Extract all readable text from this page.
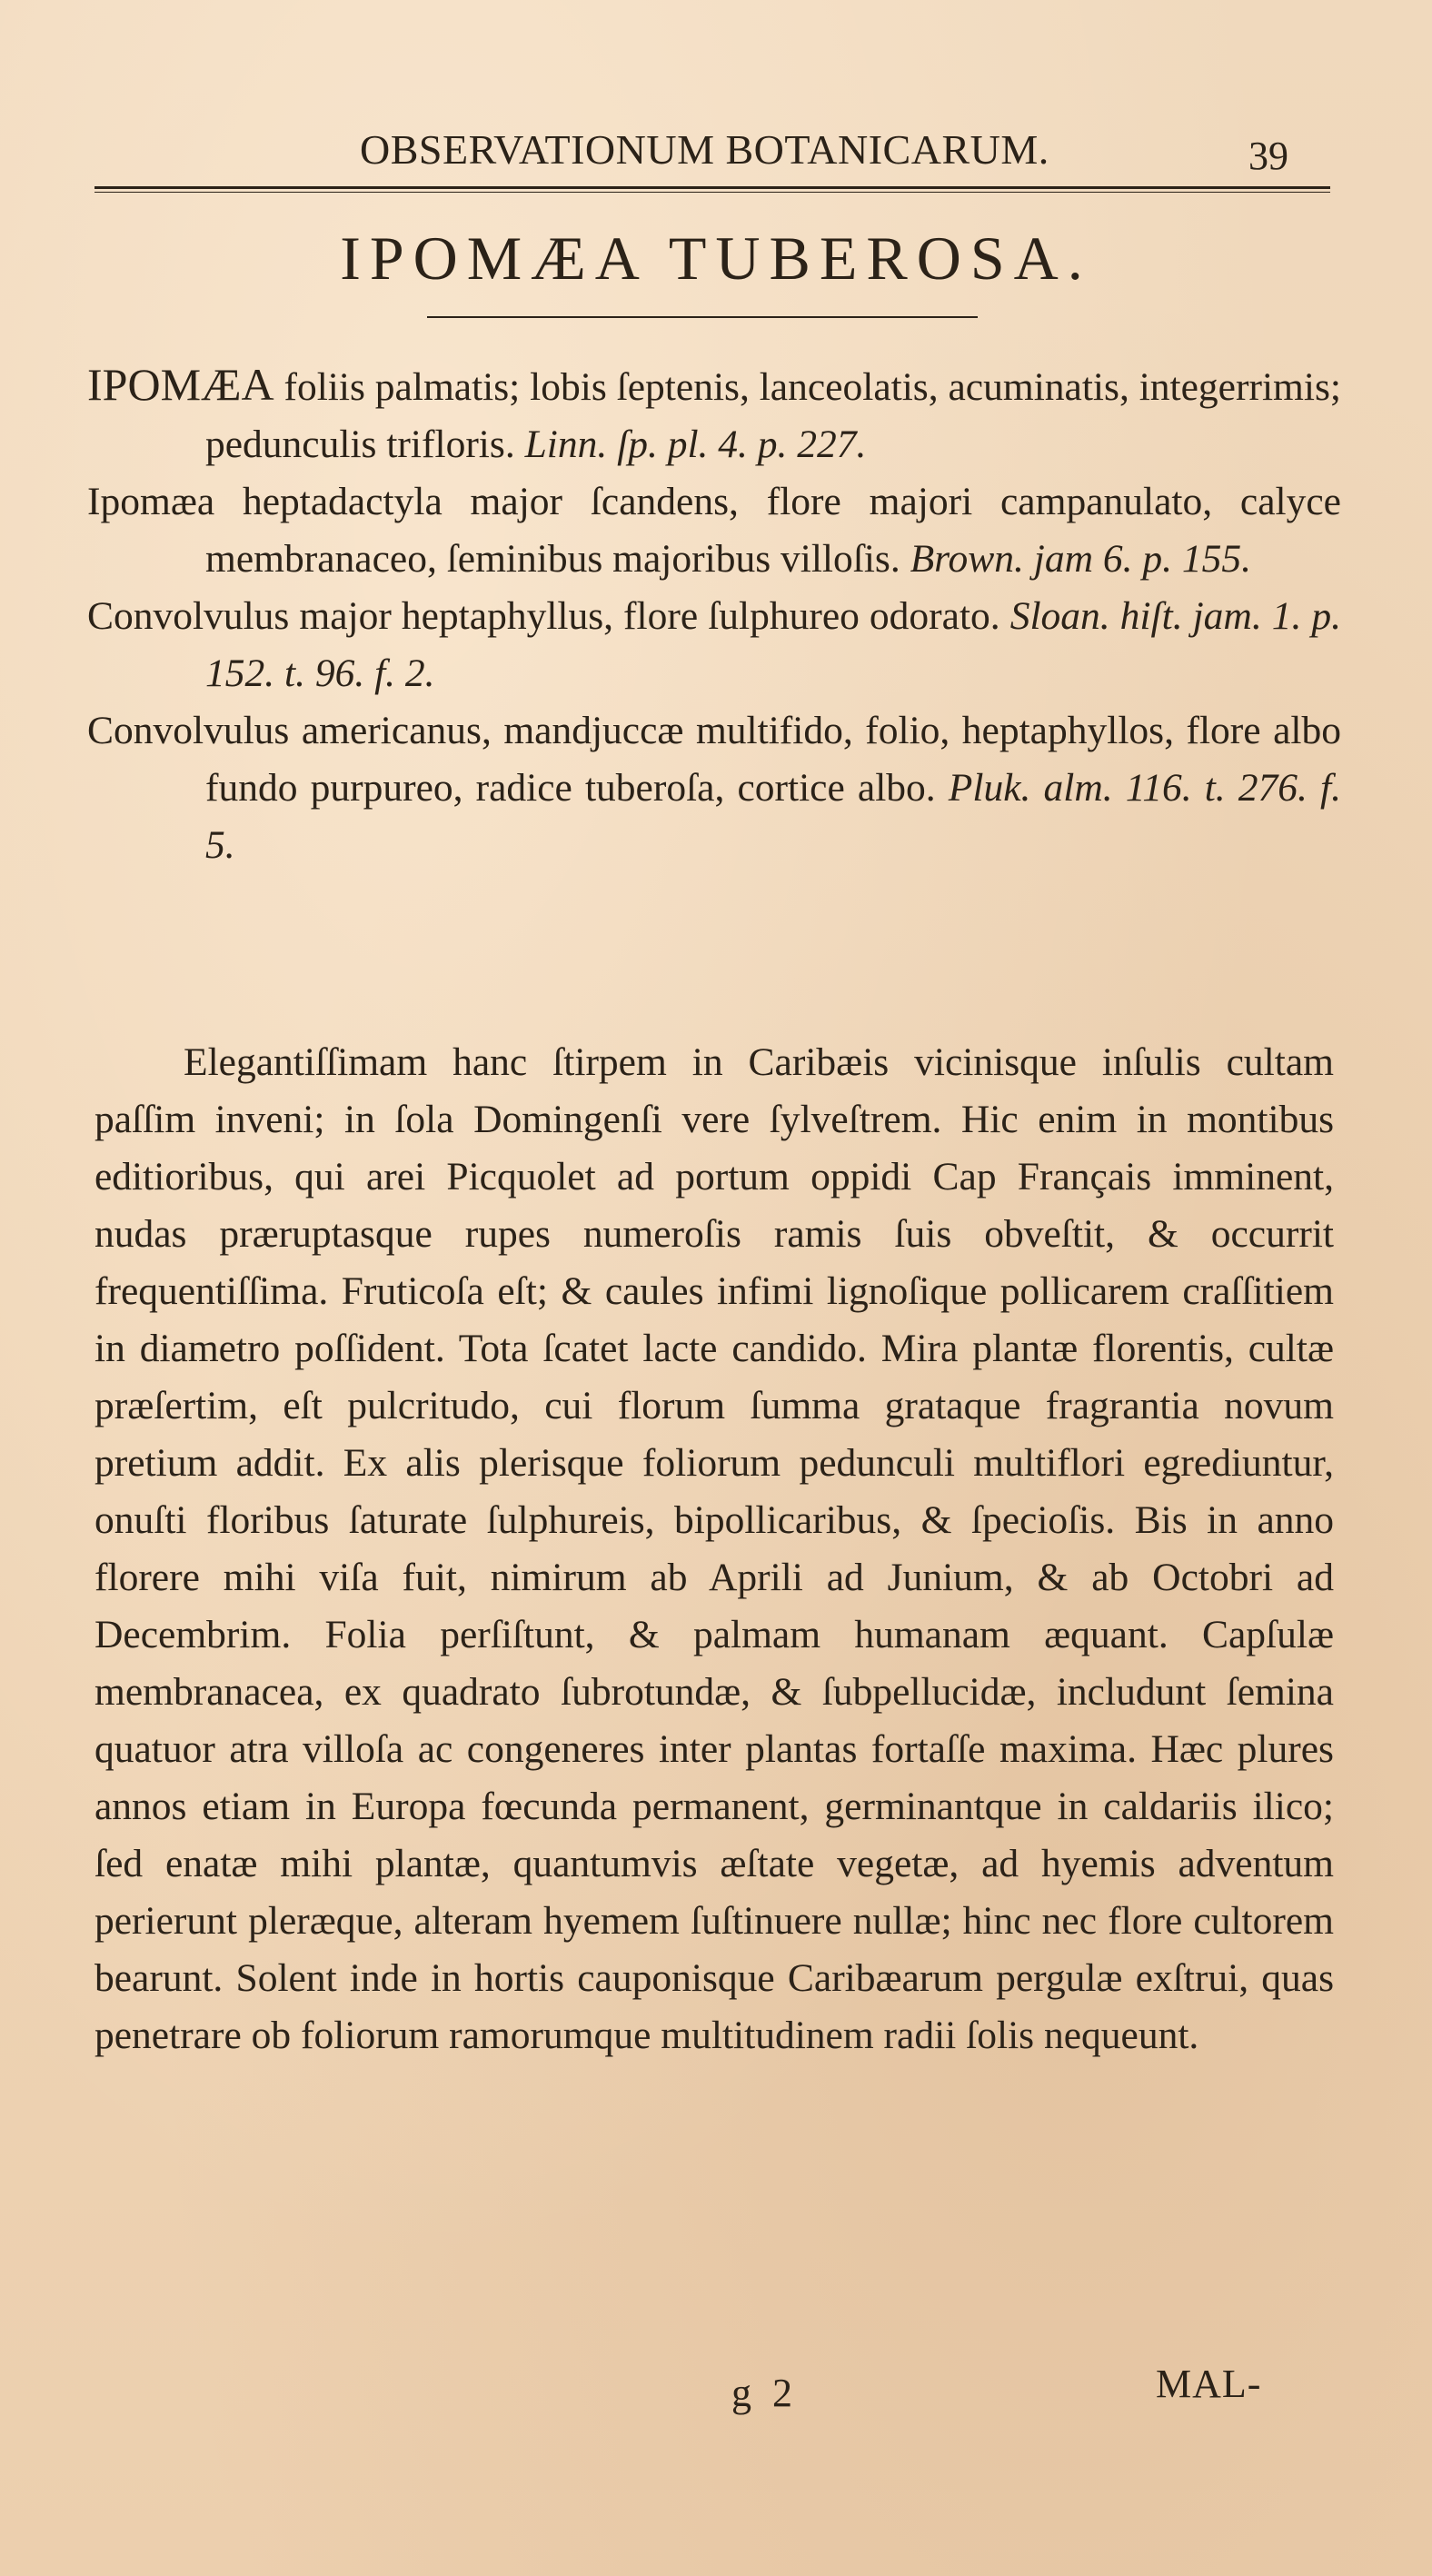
OBSERVATIONUM BOTANICARUM.	39
IPOMÆA TUBEROSA.

IPOMÆA foliis palmatis; lobis ſeptenis, lanceolatis, acuminatis, integerrimis; pedunculis trifloris. Linn. ſp. pl. 4. p. 227.

Ipomæa heptadactyla major ſcandens, flore majori campanulato, calyce membranaceo, ſeminibus majoribus villoſis. Brown. jam 6. p. 155.

Convolvulus major heptaphyllus, flore ſulphureo odorato. Sloan. hiſt. jam. 1. p. 152. t. 96. f. 2.

Convolvulus americanus, mandjuccæ multifido, folio, heptaphyllos, flore albo fundo purpureo, radice tuberoſa, cortice albo. Pluk. alm. 116. t. 276. f. 5.

Elegantiſſimam hanc ſtirpem in Caribæis vicinisque inſulis cultam paſſim inveni; in ſola Domingenſi vere ſylveſtrem. Hic enim in montibus editioribus, qui arei Picquolet ad portum oppidi Cap Français imminent, nudas præruptasque rupes numeroſis ramis ſuis obveſtit, & occurrit frequentiſſima. Fruticoſa eſt; & caules infimi lignoſique pollicarem craſſitiem in diametro poſſident. Tota ſcatet lacte candido. Mira plantæ florentis, cultæ præſertim, eſt pulcritudo, cui florum ſumma grataque fragrantia novum pretium addit. Ex alis plerisque foliorum pedunculi multiflori egrediuntur, onuſti floribus ſaturate ſulphureis, bipollicaribus, & ſpecioſis. Bis in anno florere mihi viſa fuit, nimirum ab Aprili ad Junium, & ab Octobri ad Decembrim. Folia perſiſtunt, & palmam humanam æquant. Capſulæ membranacea, ex quadrato ſubrotundæ, & ſubpellucidæ, includunt ſemina quatuor atra villoſa ac congeneres inter plantas fortaſſe maxima. Hæc plures annos etiam in Europa fœcunda permanent, germinantque in caldariis ilico; ſed enatæ mihi plantæ, quantumvis æſtate vegetæ, ad hyemis adventum perierunt pleræque, alteram hyemem ſuſtinuere nullæ; hinc nec flore cultorem bearunt. Solent inde in hortis cauponisque Caribæarum pergulæ exſtrui, quas penetrare ob foliorum ramorumque multitudinem radii ſolis nequeunt.

g 2	MAL-
